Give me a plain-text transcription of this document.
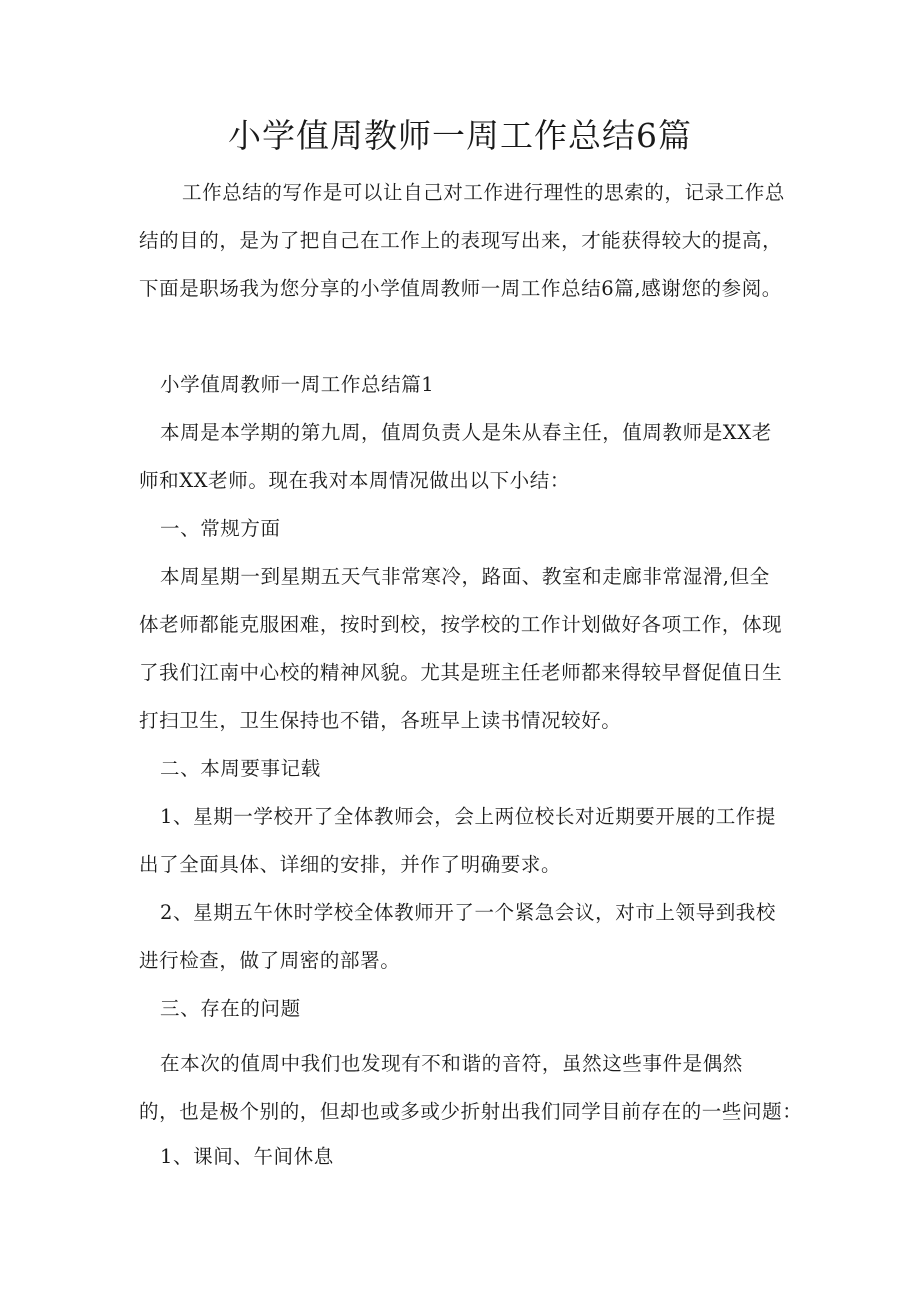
小学值周教师一周工作总结6篇
工作总结的写作是可以让自己对工作进行理性的思索的，记录工作总
结的目的，是为了把自己在工作上的表现写出来，才能获得较大的提高，
下面是职场我为您分享的小学值周教师一周工作总结6篇,感谢您的参阅。
小学值周教师一周工作总结篇1
本周是本学期的第九周，值周负责人是朱从春主任，值周教师是XX老
师和XX老师。现在我对本周情况做出以下小结：
一、常规方面
本周星期一到星期五天气非常寒冷，路面、教室和走廊非常湿滑,但全
体老师都能克服困难，按时到校，按学校的工作计划做好各项工作，体现
了我们江南中心校的精神风貌。尤其是班主任老师都来得较早督促值日生
打扫卫生，卫生保持也不错，各班早上读书情况较好。
二、本周要事记载
1、星期一学校开了全体教师会，会上两位校长对近期要开展的工作提
出了全面具体、详细的安排，并作了明确要求。
2、星期五午休时学校全体教师开了一个紧急会议，对市上领导到我校
进行检查，做了周密的部署。
三、存在的问题
在本次的值周中我们也发现有不和谐的音符，虽然这些事件是偶然
的，也是极个别的，但却也或多或少折射出我们同学目前存在的一些问题：
1、课间、午间休息
